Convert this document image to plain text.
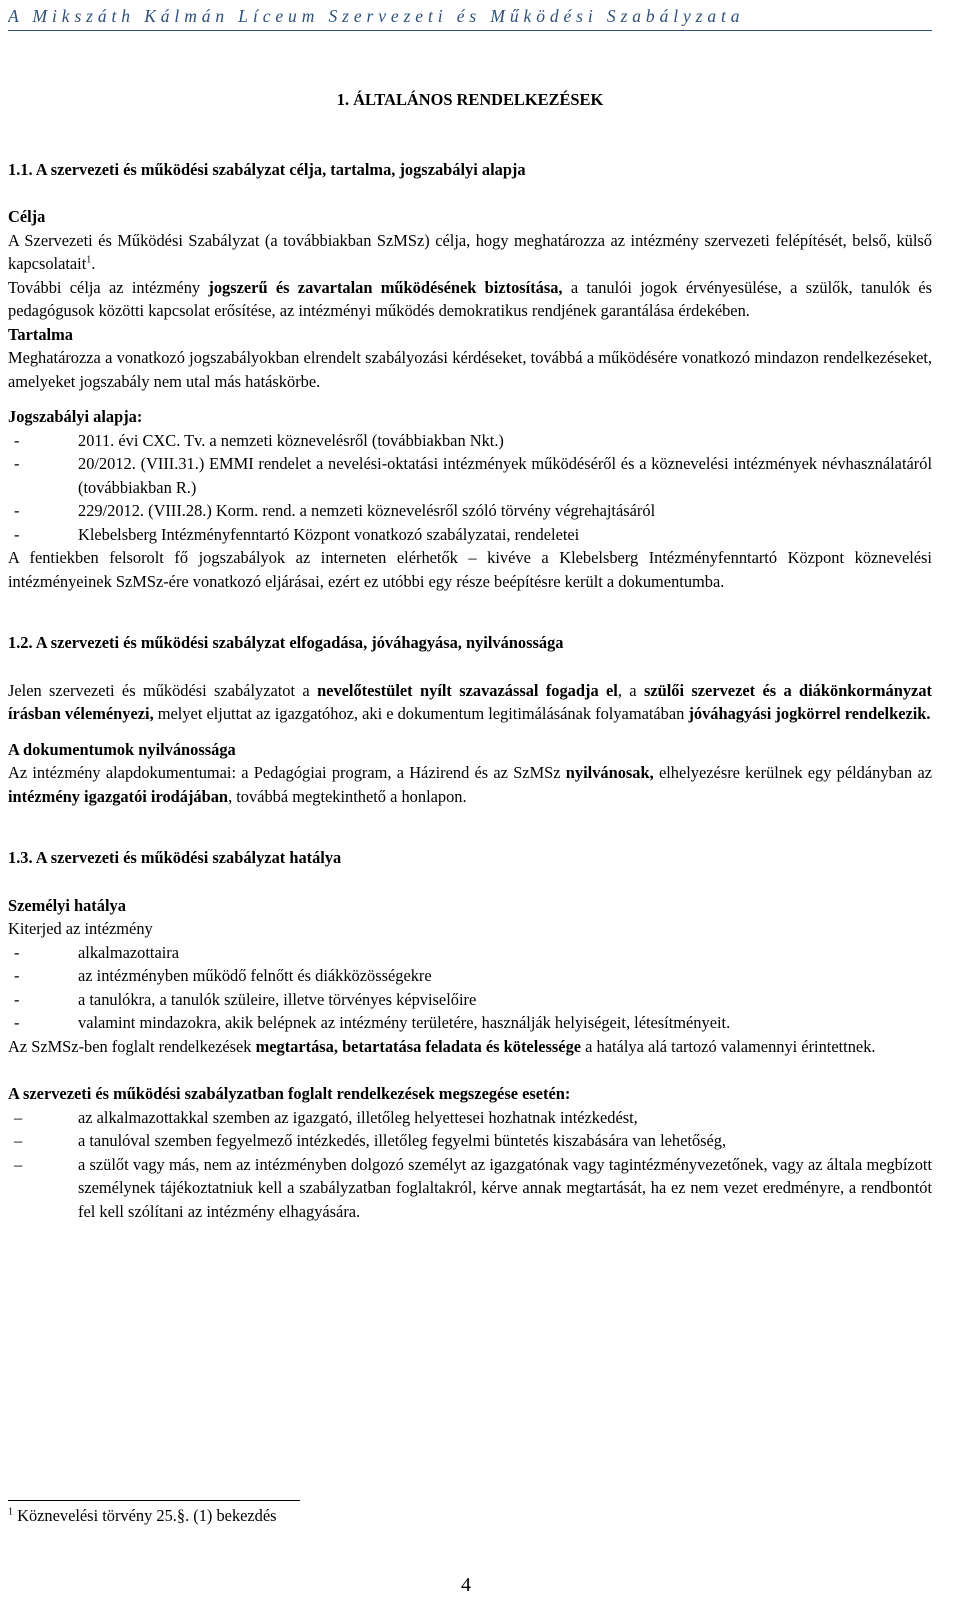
A Mikszáth Kálmán Líceum Szervezeti és Működési Szabályzata

1. ÁLTALÁNOS RENDELKEZÉSEK

1.1. A szervezeti és működési szabályzat célja, tartalma, jogszabályi alapja

Célja

A Szervezeti és Működési Szabályzat (a továbbiakban SzMSz) célja, hogy meghatározza az intézmény szervezeti felépítését, belső, külső kapcsolatait$^1$.

További célja az intézmény jogszerű és zavartalan működésének biztosítása, a tanulói jogok érvényesülése, a szülők, tanulók és pedagógusok közötti kapcsolat erősítése, az intézményi működés demokratikus rendjének garantálása érdekében.

Tartalma

Meghatározza a vonatkozó jogszabályokban elrendelt szabályozási kérdéseket, továbbá a működésére vonatkozó mindazon rendelkezéseket, amelyeket jogszabály nem utal más hatáskörbe.

Jogszabályi alapja:

-	2011. évi CXC. Tv. a nemzeti köznevelésről (továbbiakban Nkt.)
-	20/2012. (VIII.31.) EMMI rendelet a nevelési-oktatási intézmények működéséről és a köznevelési intézmények névhasználatáról (továbbiakban R.)
-	229/2012. (VIII.28.) Korm. rend. a nemzeti köznevelésről szóló törvény végrehajtásáról
-	Klebelsberg Intézményfenntartó Központ vonatkozó szabályzatai, rendeletei

A fentiekben felsorolt fő jogszabályok az interneten elérhetők – kivéve a Klebelsberg Intézményfenntartó Központ köznevelési intézményeinek SzMSz-ére vonatkozó eljárásai, ezért ez utóbbi egy része beépítésre került a dokumentumba.

1.2. A szervezeti és működési szabályzat elfogadása, jóváhagyása, nyilvánossága

Jelen szervezeti és működési szabályzatot a nevelőtestület nyílt szavazással fogadja el, a szülői szervezet és a diákönkormányzat írásban véleményezi, melyet eljuttat az igazgatóhoz, aki e dokumentum legitimálásának folyamatában jóváhagyási jogkörrel rendelkezik.

A dokumentumok nyilvánossága

Az intézmény alapdokumentumai: a Pedagógiai program, a Házirend és az SzMSz nyilvánosak, elhelyezésre kerülnek egy példányban az intézmény igazgatói irodájában, továbbá megtekinthető a honlapon.

1.3. A szervezeti és működési szabályzat hatálya

Személyi hatálya

Kiterjed az intézmény

-	alkalmazottaira
-	az intézményben működő felnőtt és diákközösségekre
-	a tanulókra, a tanulók szüleire, illetve törvényes képviselőire
-	valamint mindazokra, akik belépnek az intézmény területére, használják helyiségeit, létesítményeit.

Az SzMSz-ben foglalt rendelkezések megtartása, betartatása feladata és kötelessége a hatálya alá tartozó valamennyi érintettnek.

A szervezeti és működési szabályzatban foglalt rendelkezések megszegése esetén:

–	az alkalmazottakkal szemben az igazgató, illetőleg helyettesei hozhatnak intézkedést,
–	a tanulóval szemben fegyelmező intézkedés, illetőleg fegyelmi büntetés kiszabására van lehetőség,
–	a szülőt vagy más, nem az intézményben dolgozó személyt az igazgatónak vagy tagintézményvezetőnek, vagy az általa megbízott személynek tájékoztatniuk kell a szabályzatban foglaltakról, kérve annak megtartását, ha ez nem vezet eredményre, a rendbontót fel kell szólítani az intézmény elhagyására.
$^1$ Köznevelési törvény 25.§. (1) bekezdés
4
